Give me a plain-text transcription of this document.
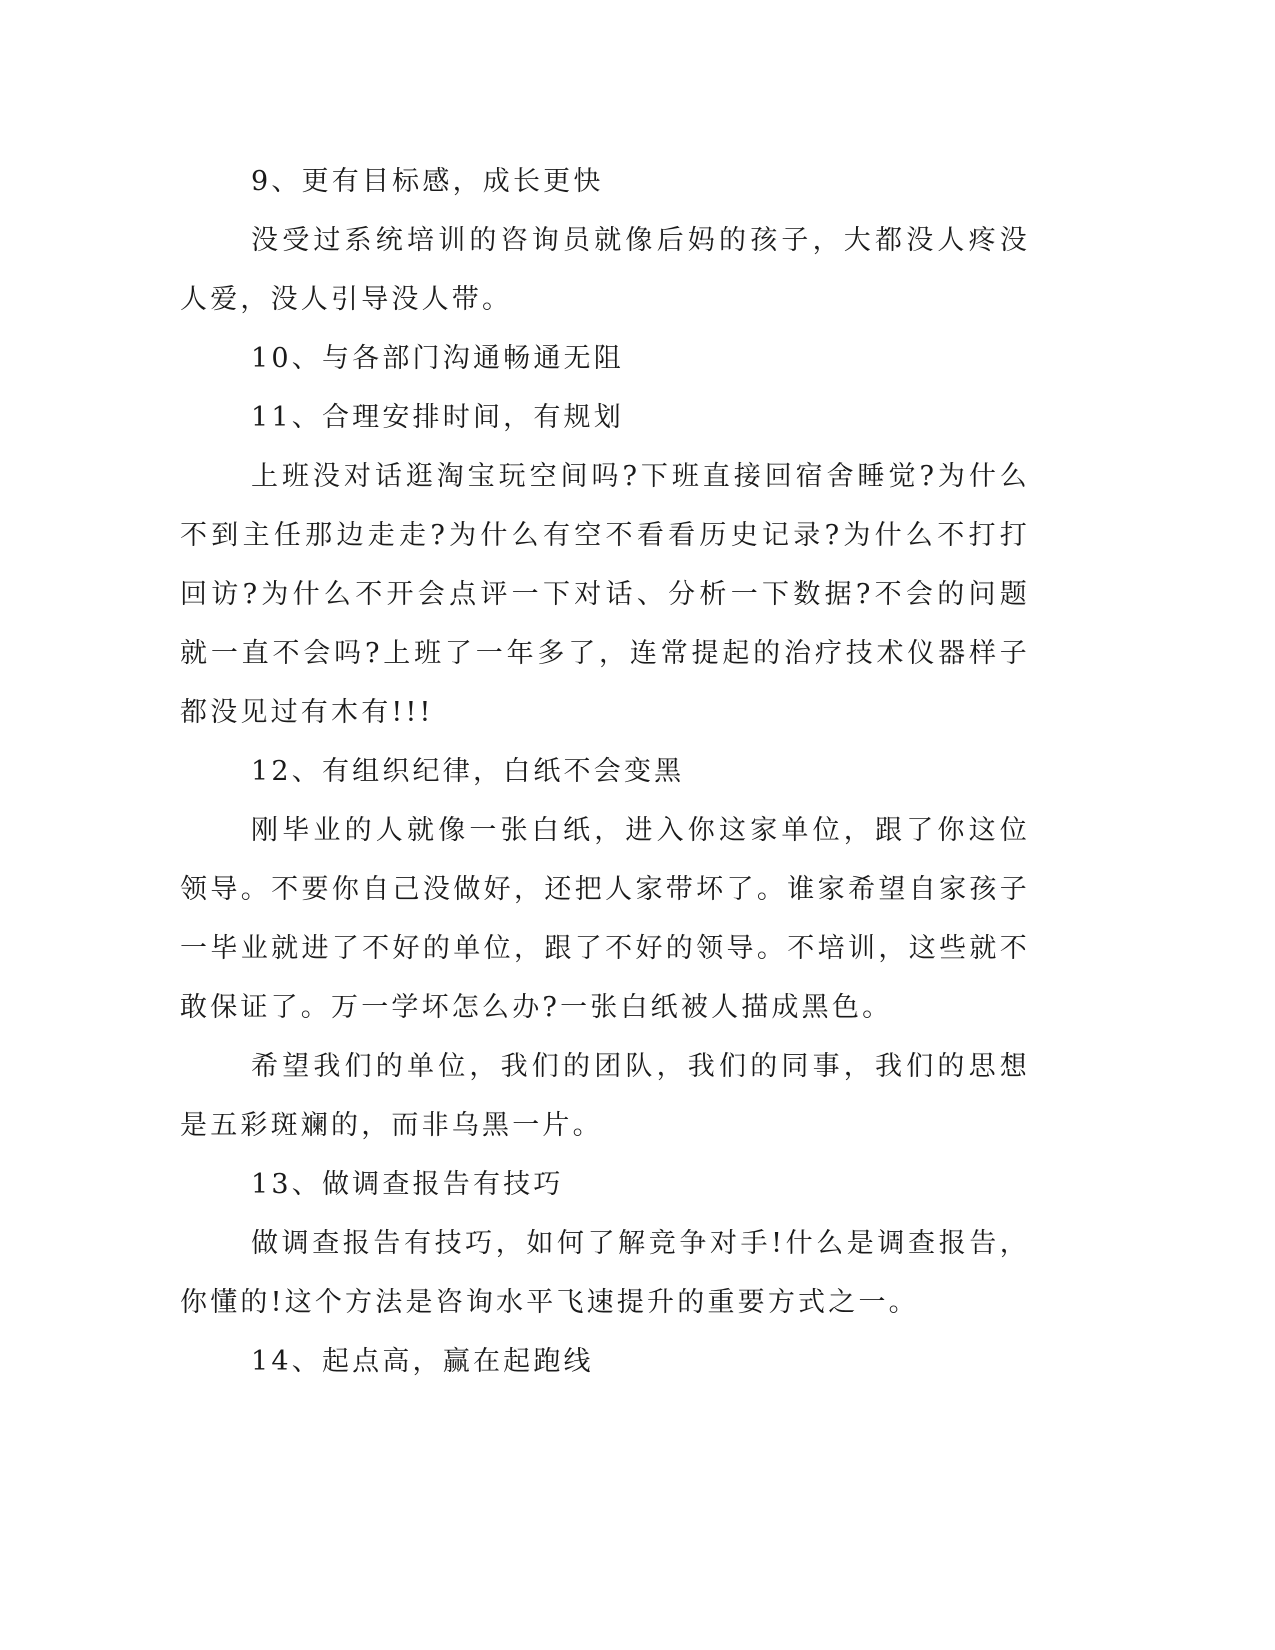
9、更有目标感，成长更快

没受过系统培训的咨询员就像后妈的孩子，大都没人疼没人爱，没人引导没人带。

10、与各部门沟通畅通无阻

11、合理安排时间，有规划

上班没对话逛淘宝玩空间吗?下班直接回宿舍睡觉?为什么不到主任那边走走?为什么有空不看看历史记录?为什么不打打回访?为什么不开会点评一下对话、分析一下数据?不会的问题就一直不会吗?上班了一年多了，连常提起的治疗技术仪器样子都没见过有木有!!!

12、有组织纪律，白纸不会变黑

刚毕业的人就像一张白纸，进入你这家单位，跟了你这位领导。不要你自己没做好，还把人家带坏了。谁家希望自家孩子一毕业就进了不好的单位，跟了不好的领导。不培训，这些就不敢保证了。万一学坏怎么办?一张白纸被人描成黑色。

希望我们的单位，我们的团队，我们的同事，我们的思想是五彩斑斓的，而非乌黑一片。

13、做调查报告有技巧

做调查报告有技巧，如何了解竞争对手!什么是调查报告，你懂的!这个方法是咨询水平飞速提升的重要方式之一。

14、起点高，赢在起跑线
